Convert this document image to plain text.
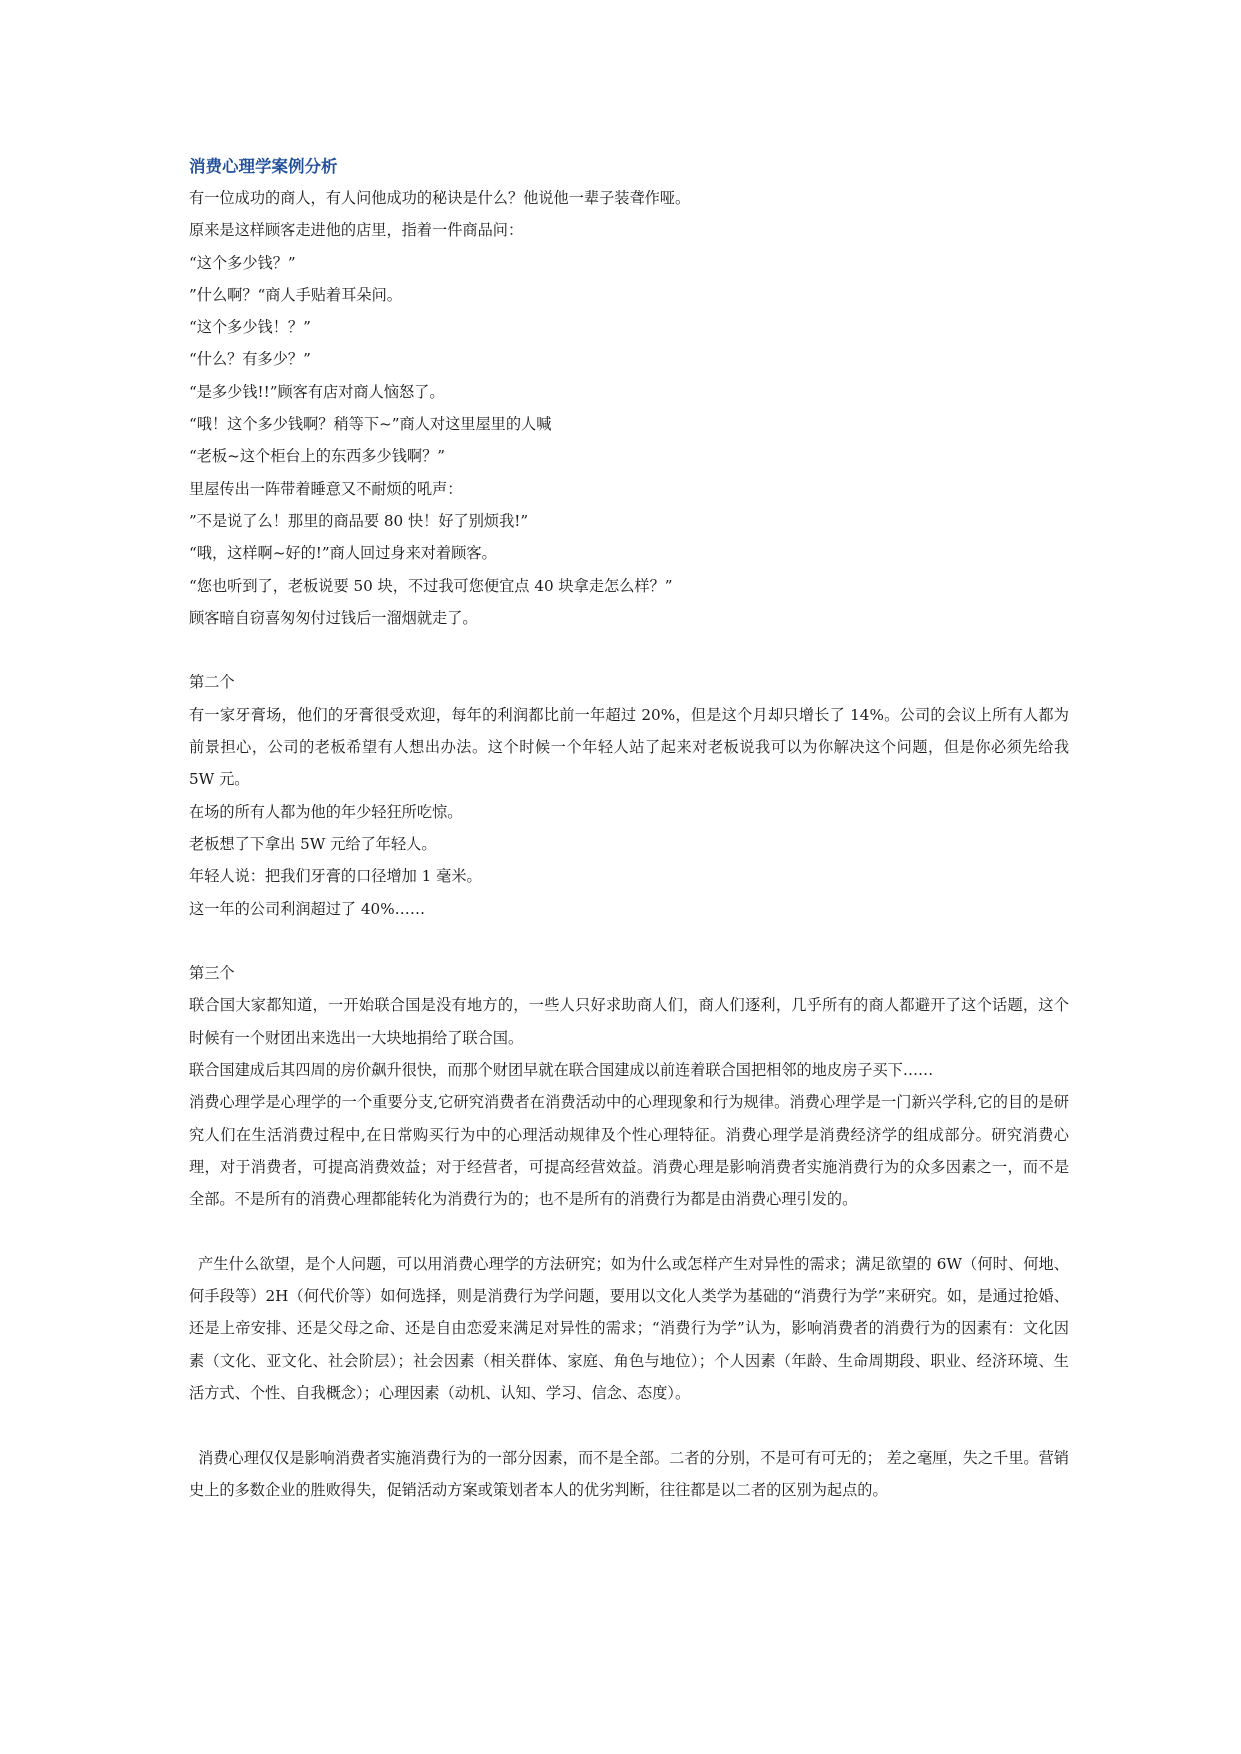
消费心理学案例分析

有一位成功的商人，有人问他成功的秘诀是什么？他说他一辈子装聋作哑。

原来是这样顾客走进他的店里，指着一件商品问：

“这个多少钱？”

”什么啊？“商人手贴着耳朵问。

“这个多少钱！？”

“什么？有多少？”

“是多少钱!!”顾客有店对商人恼怒了。

“哦！这个多少钱啊？稍等下~”商人对这里屋里的人喊

“老板~这个柜台上的东西多少钱啊？”

里屋传出一阵带着睡意又不耐烦的吼声：

”不是说了么！那里的商品要 80 快！好了别烦我!”

“哦，这样啊~好的!”商人回过身来对着顾客。

“您也听到了，老板说要 50 块，不过我可您便宜点 40 块拿走怎么样？”

顾客暗自窃喜匆匆付过钱后一溜烟就走了。

第二个

有一家牙膏场，他们的牙膏很受欢迎，每年的利润都比前一年超过 20%，但是这个月却只增长了 14%。公司的会议上所有人都为前景担心，公司的老板希望有人想出办法。这个时候一个年轻人站了起来对老板说我可以为你解决这个问题，但是你必须先给我 5W 元。

在场的所有人都为他的年少轻狂所吃惊。

老板想了下拿出 5W 元给了年轻人。

年轻人说：把我们牙膏的口径增加 1 毫米。

这一年的公司利润超过了 40%……

第三个

联合国大家都知道，一开始联合国是没有地方的，一些人只好求助商人们，商人们逐利，几乎所有的商人都避开了这个话题，这个时候有一个财团出来选出一大块地捐给了联合国。

联合国建成后其四周的房价飙升很快，而那个财团早就在联合国建成以前连着联合国把相邻的地皮房子买下……

消费心理学是心理学的一个重要分支,它研究消费者在消费活动中的心理现象和行为规律。消费心理学是一门新兴学科,它的目的是研究人们在生活消费过程中,在日常购买行为中的心理活动规律及个性心理特征。消费心理学是消费经济学的组成部分。研究消费心理，对于消费者，可提高消费效益；对于经营者，可提高经营效益。消费心理是影响消费者实施消费行为的众多因素之一，而不是全部。不是所有的消费心理都能转化为消费行为的；也不是所有的消费行为都是由消费心理引发的。

产生什么欲望，是个人问题，可以用消费心理学的方法研究；如为什么或怎样产生对异性的需求；满足欲望的 6W（何时、何地、何手段等）2H（何代价等）如何选择，则是消费行为学问题，要用以文化人类学为基础的“消费行为学”来研究。如，是通过抢婚、还是上帝安排、还是父母之命、还是自由恋爱来满足对异性的需求；“消费行为学”认为，影响消费者的消费行为的因素有：文化因素（文化、亚文化、社会阶层）；社会因素（相关群体、家庭、角色与地位）；个人因素（年龄、生命周期段、职业、经济环境、生活方式、个性、自我概念）；心理因素（动机、认知、学习、信念、态度）。

消费心理仅仅是影响消费者实施消费行为的一部分因素，而不是全部。二者的分别，不是可有可无的； 差之毫厘，失之千里。营销史上的多数企业的胜败得失，促销活动方案或策划者本人的优劣判断，往往都是以二者的区别为起点的。
